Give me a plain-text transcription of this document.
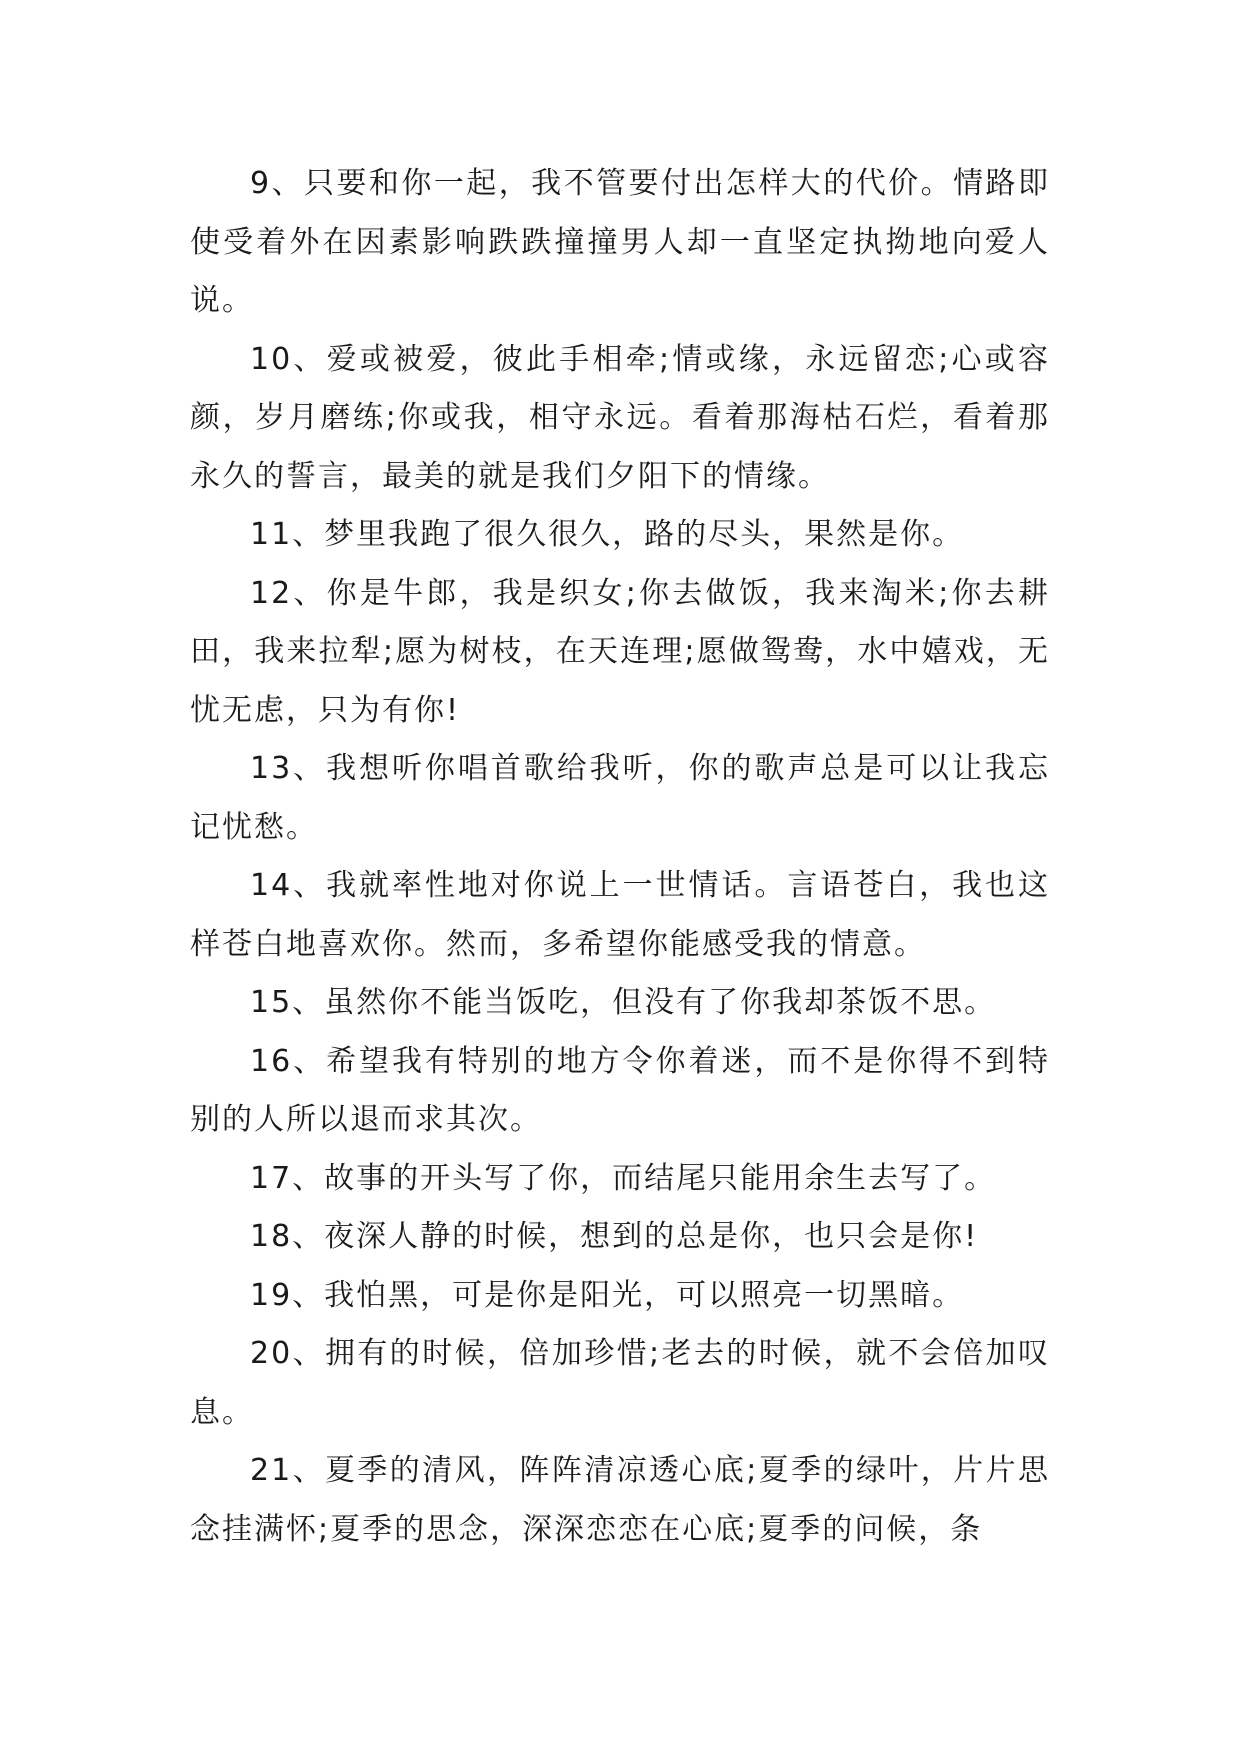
9、只要和你一起，我不管要付出怎样大的代价。情路即使受着外在因素影响跌跌撞撞男人却一直坚定执拗地向爱人说。

10、爱或被爱，彼此手相牵;情或缘，永远留恋;心或容颜，岁月磨练;你或我，相守永远。看着那海枯石烂，看着那永久的誓言，最美的就是我们夕阳下的情缘。

11、梦里我跑了很久很久，路的尽头，果然是你。

12、你是牛郎，我是织女;你去做饭，我来淘米;你去耕田，我来拉犁;愿为树枝，在天连理;愿做鸳鸯，水中嬉戏，无忧无虑，只为有你!

13、我想听你唱首歌给我听，你的歌声总是可以让我忘记忧愁。

14、我就率性地对你说上一世情话。言语苍白，我也这样苍白地喜欢你。然而，多希望你能感受我的情意。

15、虽然你不能当饭吃，但没有了你我却茶饭不思。

16、希望我有特别的地方令你着迷，而不是你得不到特别的人所以退而求其次。

17、故事的开头写了你，而结尾只能用余生去写了。

18、夜深人静的时候，想到的总是你，也只会是你!

19、我怕黑，可是你是阳光，可以照亮一切黑暗。

20、拥有的时候，倍加珍惜;老去的时候，就不会倍加叹息。

21、夏季的清风，阵阵清凉透心底;夏季的绿叶，片片思念挂满怀;夏季的思念，深深恋恋在心底;夏季的问候，条
